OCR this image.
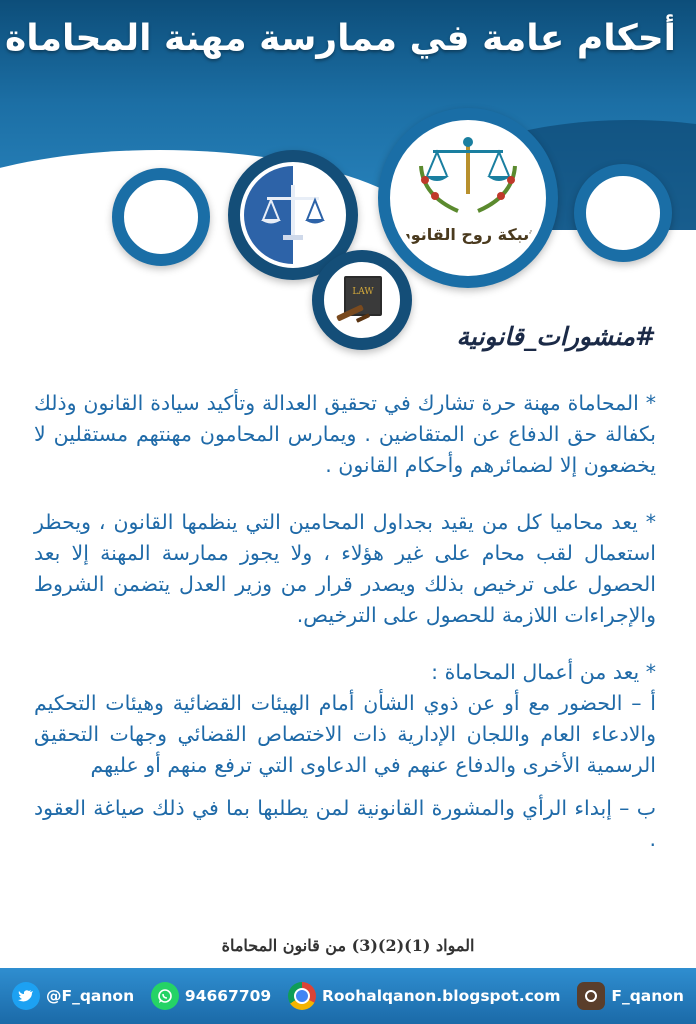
أحكام عامة في ممارسة مهنة المحاماة
شبكة روح القانون
LAW
#منشورات_قانونية

* المحاماة مهنة حرة تشارك في تحقيق العدالة وتأكيد سيادة القانون وذلك بكفالة حق الدفاع عن المتقاضين . ويمارس المحامون مهنتهم مستقلين لا يخضعون إلا لضمائرهم وأحكام القانون .

* يعد محاميا كل من يقيد بجداول المحامين التي ينظمها القانون ، ويحظر استعمال لقب محام على غير هؤلاء ، ولا يجوز ممارسة المهنة إلا بعد الحصول على ترخيص بذلك ويصدر قرار من وزير العدل يتضمن الشروط والإجراءات اللازمة للحصول على الترخيص.

* يعد من أعمال المحاماة :

أ – الحضور مع أو عن ذوي الشأن أمام الهيئات القضائية وهيئات التحكيم والادعاء العام واللجان الإدارية ذات الاختصاص القضائي وجهات التحقيق الرسمية الأخرى والدفاع عنهم في الدعاوى التي ترفع منهم أو عليهم

ب – إبداء الرأي والمشورة القانونية لمن يطلبها بما في ذلك صياغة العقود .

المواد (1)(2)(3) من قانون المحاماة
@F_qanon	94667709	Roohalqanon.blogspot.com	F_qanon
